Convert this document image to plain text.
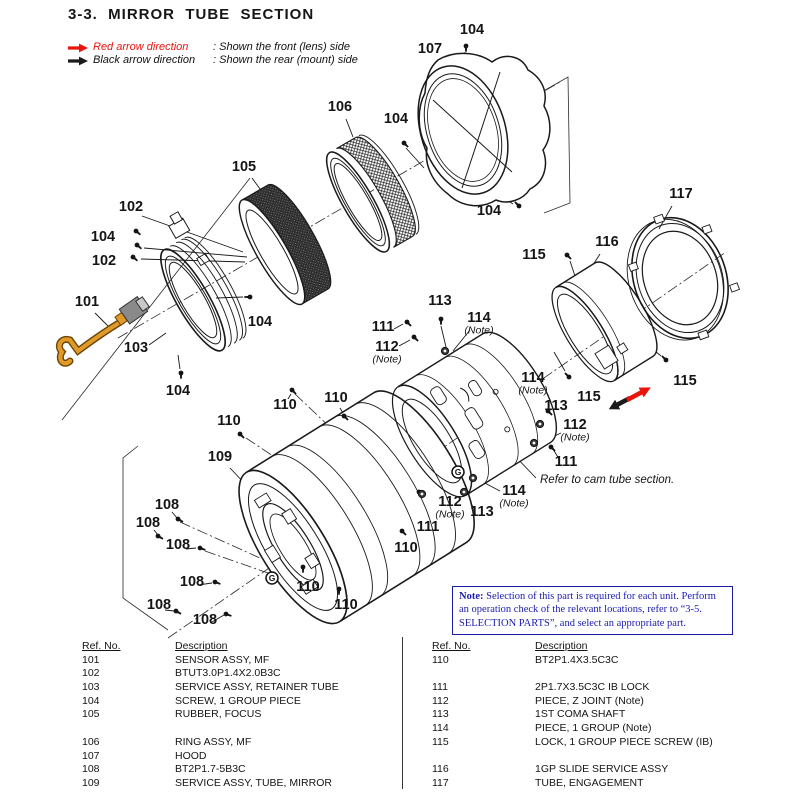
104
107
106
104
105
102
104
102
101
103
104
104
104
117
116
115
115
115
113
111
114
(Note)
112
(Note)
114
(Note)
113
112
(Note)
111
112
(Note) 113
114
(Note)
111
110
110 110
110
110
110
109
108
108
108
108
108
108
G
G
Refer to cam tube section.
3-3.  MIRROR  TUBE  SECTION
Red arrow direction	: Shown the front (lens) side
Black arrow direction	: Shown the rear (mount) side
Note: Selection of this part is required for each unit. Perform an operation check of the relevant locations, refer to “3-5. SELECTION PARTS”, and select an appropriate part.
Ref. No.	Description
101	SENSOR ASSY, MF
102	BTUT3.0P1.4X2.0B3C
103	SERVICE ASSY, RETAINER TUBE
104	SCREW, 1 GROUP PIECE
105	RUBBER, FOCUS
106	RING ASSY, MF
107	HOOD
108	BT2P1.7-5B3C
109	SERVICE ASSY, TUBE, MIRROR
Ref. No.	Description
110	BT2P1.4X3.5C3C
111	2P1.7X3.5C3C IB LOCK
112	PIECE, Z JOINT (Note)
113	1ST COMA SHAFT
114	PIECE, 1 GROUP (Note)
115	LOCK, 1 GROUP PIECE SCREW (IB)
116	1GP SLIDE SERVICE ASSY
117	TUBE, ENGAGEMENT
